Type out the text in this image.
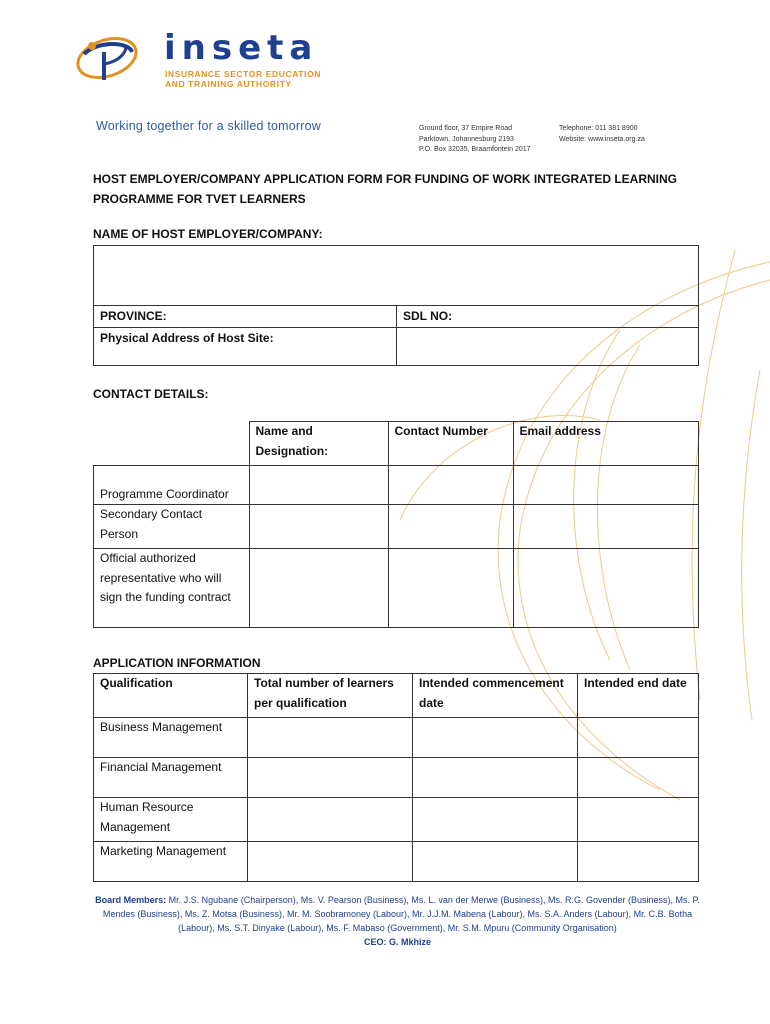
inseta
INSURANCE SECTOR EDUCATION
AND TRAINING AUTHORITY
Working together for a skilled tomorrow	Ground floor, 37 Empire Road
Parktown, Johannesburg 2193
P.O. Box 32035, Braamfontein 2017
Telephone: 011 381 8900
Website: www.inseta.org.za
HOST EMPLOYER/COMPANY APPLICATION FORM FOR FUNDING OF WORK INTEGRATED LEARNING PROGRAMME FOR TVET LEARNERS
NAME OF HOST EMPLOYER/COMPANY:

PROVINCE:	SDL NO:
Physical Address of Host Site:	
CONTACT DETAILS:
	Name and Designation:	Contact Number	Email address
Programme Coordinator			
Secondary Contact Person			
Official authorized representative who will sign the funding contract			
APPLICATION INFORMATION
Qualification	Total number of learners per qualification	Intended commencement date	Intended end date
Business Management			
Financial Management			
Human Resource Management			
Marketing Management			
Board Members: Mr. J.S. Ngubane (Chairperson), Ms. V. Pearson (Business), Ms. L. van der Merwe (Business), Ms. R.G. Govender (Business), Ms. P. Mendes (Business), Ms. Z. Motsa (Business), Mr. M. Soobramoney (Labour), Mr. J.J.M. Mabena (Labour), Ms. S.A. Anders (Labour), Mr. C.B. Botha (Labour), Ms. S.T. Dinyake (Labour), Ms. F. Mabaso (Government), Mr. S.M. Mpuru (Community Organisation)
CEO: G. Mkhize
